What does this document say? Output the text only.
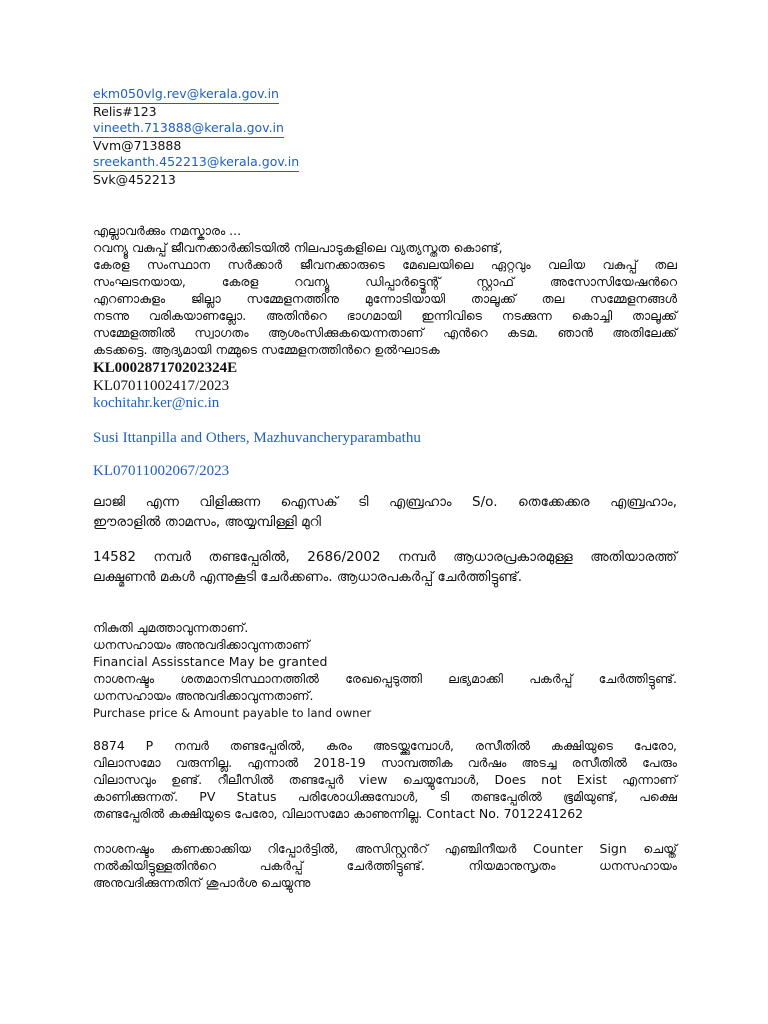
ekm050vlg.rev@kerala.gov.in

Relis#123

vineeth.713888@kerala.gov.in

Vvm@713888

sreekanth.452213@kerala.gov.in

Svk@452213

എല്ലാവർക്കും നമസ്കാരം ...

റവന്യൂ വകുപ്പ് ജീവനക്കാർക്കിടയിൽ നിലപാടുകളിലെ വ്യത്യസ്തത കൊണ്ട്,

കേരള സംസ്ഥാന സർക്കാർ ജീവനക്കാരുടെ മേഖലയിലെ ഏറ്റവും വലിയ വകുപ്പ് തല

സംഘടനയായ, കേരള റവന്യൂ ഡിപ്പാർട്ട്മെന്റ് സ്റ്റാഫ് അസോസിയേഷൻറെ

എറണാകുളം ജില്ലാ സമ്മേളനത്തിനു മുന്നോടിയായി താലൂക്ക് തല സമ്മേളനങ്ങൾ

നടന്നു വരികയാണല്ലോ. അതിൻറെ ഭാഗമായി ഇന്നിവിടെ നടക്കുന്ന കൊച്ചി താലൂക്ക്

സമ്മേളത്തിൽ സ്വാഗതം ആശംസിക്കുകയെന്നതാണ് എൻറെ കടമ. ഞാൻ അതിലേക്ക്

കടക്കട്ടെ. ആദ്യമായി നമ്മുടെ സമ്മേളനത്തിൻറെ ഉൽഘാടക

KL000287170202324E

KL07011002417/2023

kochitahr.ker@nic.in

Susi Ittanpilla and Others, Mazhuvancheryparambathu

KL07011002067/2023

ലാജി എന്ന വിളിക്കുന്ന ഐസക് ടി എബ്രഹാം S/o. തെക്കേക്കര എബ്രഹാം,

ഈരാളിൽ താമസം, അയ്യമ്പിള്ളി മുറി

14582 നമ്പർ തണ്ടപ്പേരിൽ, 2686/2002 നമ്പർ ആധാരപ്രകാരമുള്ള അതിയാരത്ത്

ലക്ഷ്മണൻ മകൾ എന്നുകൂടി ചേർക്കണം. ആധാരപകർപ്പ് ചേർത്തിട്ടുണ്ട്.

നികുതി ചുമത്താവുന്നതാണ്.

ധനസഹായം അനുവദിക്കാവുന്നതാണ്

Financial Assisstance May be granted

നാശനഷ്ടം ശതമാനടിസ്ഥാനത്തിൽ രേഖപ്പെടുത്തി ലഭ്യമാക്കി പകർപ്പ് ചേർത്തിട്ടുണ്ട്.

ധനസഹായം അനുവദിക്കാവുന്നതാണ്.

Purchase price & Amount payable to land owner

8874 P നമ്പർ തണ്ടപ്പേരിൽ, കരം അടയ്ക്കുമ്പോൾ, രസീതിൽ കക്ഷിയുടെ പേരോ,

വിലാസമോ വരുന്നില്ല. എന്നാൽ 2018-19 സാമ്പത്തിക വർഷം അടച്ച രസീതിൽ പേരും

വിലാസവും ഉണ്ട്. റീലീസിൽ തണ്ടപ്പേർ view ചെയ്യുമ്പോൾ, Does not Exist എന്നാണ്

കാണിക്കുന്നത്. PV Status പരിശോധിക്കുമ്പോൾ, ടി തണ്ടപ്പേരിൽ ഭൂമിയുണ്ട്, പക്ഷെ

തണ്ടപ്പേരിൽ കക്ഷിയുടെ പേരോ, വിലാസമോ കാണുന്നില്ല. Contact No. 7012241262

നാശനഷ്ടം കണക്കാക്കിയ റിപ്പോർട്ടിൽ, അസിസ്റ്റൻറ് എഞ്ചിനീയർ Counter Sign ചെയ്ത്

നൽകിയിട്ടുള്ളതിൻറെ പകർപ്പ് ചേർത്തിട്ടുണ്ട്. നിയമാനുസൃതം ധനസഹായം

അനുവദിക്കുന്നതിന് ശുപാർശ ചെയ്യുന്നു
